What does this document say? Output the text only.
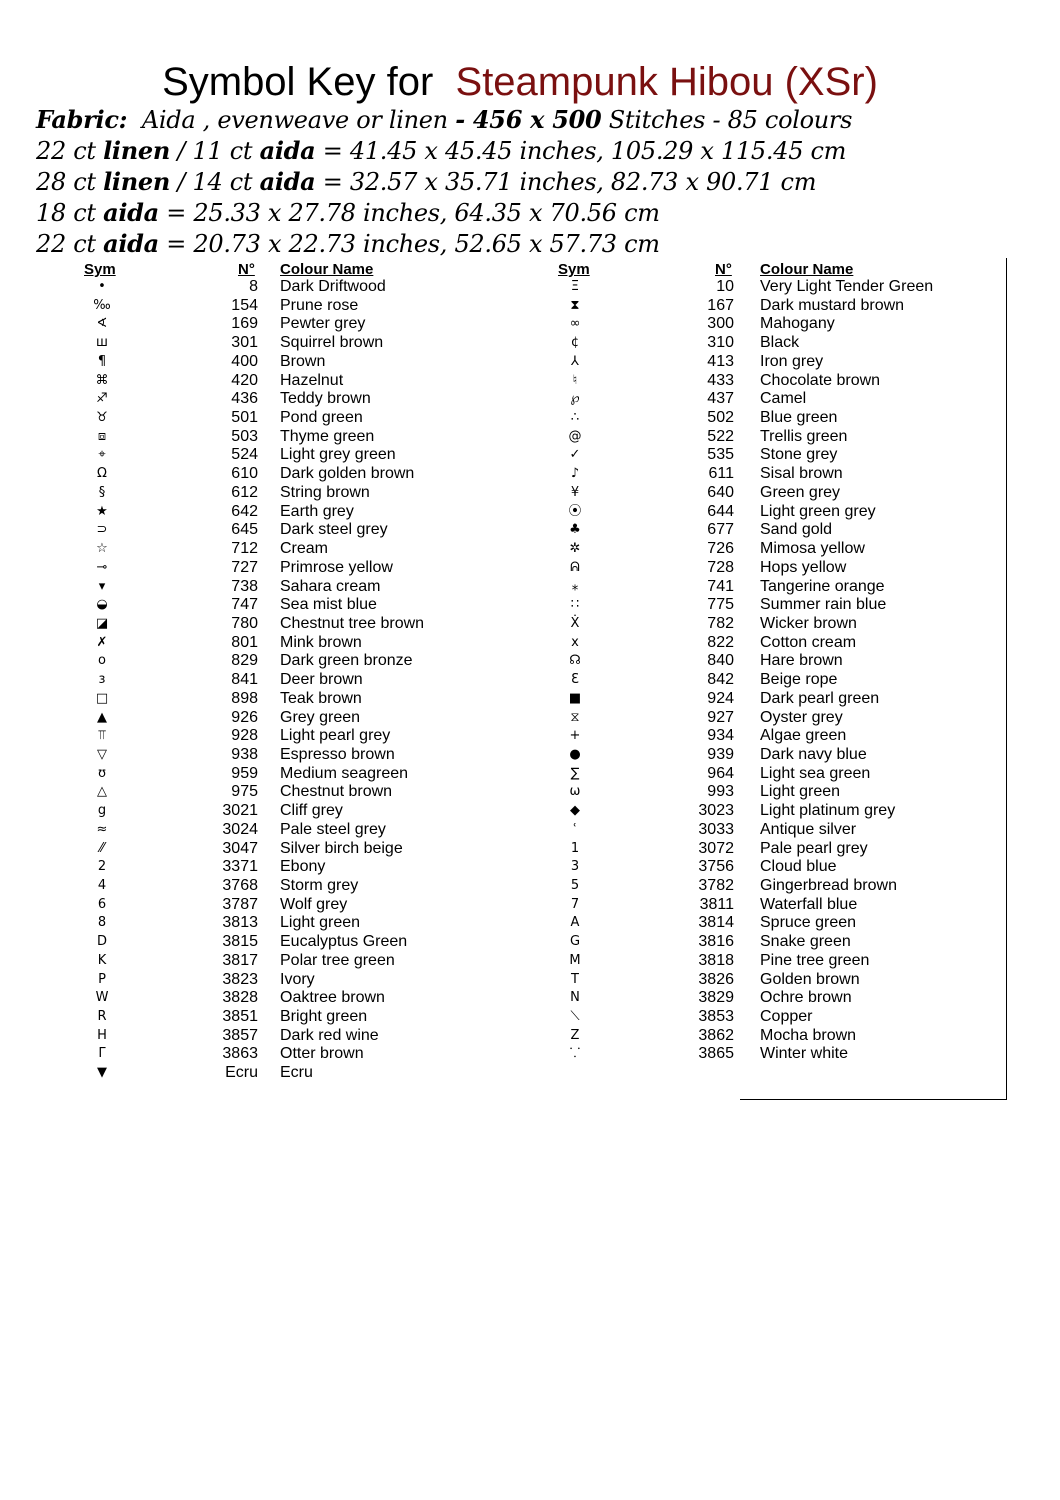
Symbol Key for Steampunk Hibou (XSr)
Fabric: Aida , evenweave or linen - 456 x 500 Stitches - 85 colours
22 ct linen / 11 ct aida = 41.45 x 45.45 inches, 105.29 x 115.45 cm
28 ct linen / 14 ct aida = 32.57 x 35.71 inches, 82.73 x 90.71 cm
18 ct aida = 25.33 x 27.78 inches, 64.35 x 70.56 cm
22 ct aida = 20.73 x 22.73 inches, 52.65 x 57.73 cm
Sym	N° Colour Name	Sym	N° Colour Name
•	8 Dark Driftwood
‰	154 Prune rose
∢	169 Pewter grey
ш	301 Squirrel brown
¶	400 Brown
⌘	420 Hazelnut
♐	436 Teddy brown
♉	501 Pond green
⧈	503 Thyme green
⌖	524 Light grey green
Ω	610 Dark golden brown
§	612 String brown
★	642 Earth grey
⊃	645 Dark steel grey
☆	712 Cream
⊸	727 Primrose yellow
▾	738 Sahara cream
◒	747 Sea mist blue
◪	780 Chestnut tree brown
✗	801 Mink brown
o	829 Dark green bronze
ɜ	841 Deer brown
□	898 Teak brown
▲	926 Grey green
⫪	928 Light pearl grey
▽	938 Espresso brown
ʊ	959 Medium seagreen
△	975 Chestnut brown
g	3021 Cliff grey
≈	3024 Pale steel grey
⁄⁄	3047 Silver birch beige
2	3371 Ebony
4	3768 Storm grey
6	3787 Wolf grey
8	3813 Light green
D	3815 Eucalyptus Green
K	3817 Polar tree green
P	3823 Ivory
W	3828 Oaktree brown
R	3851 Bright green
H	3857 Dark red wine
Γ	3863 Otter brown
▼	Ecru Ecru
Ξ	10 Very Light Tender Green
⧗	167 Dark mustard brown
∞	300 Mahogany
¢	310 Black
⅄	413 Iron grey
♮	433 Chocolate brown
℘	437 Camel
∴	502 Blue green
@	522 Trellis green
✓	535 Stone grey
♪	611 Sisal brown
¥	640 Green grey
⦿	644 Light green grey
♣	677 Sand gold
✲	726 Mimosa yellow
ᕱ	728 Hops yellow
⁎	741 Tangerine orange
∷	775 Summer rain blue
Ẋ	782 Wicker brown
x	822 Cotton cream
☊	840 Hare brown
Ɛ	842 Beige rope
■	924 Dark pearl green
⧖	927 Oyster grey
+	934 Algae green
●	939 Dark navy blue
∑	964 Light sea green
ω	993 Light green
◆	3023 Light platinum grey
ʿ	3033 Antique silver
1	3072 Pale pearl grey
3	3756 Cloud blue
5	3782 Gingerbread brown
7	3811 Waterfall blue
A	3814 Spruce green
G	3816 Snake green
M	3818 Pine tree green
T	3826 Golden brown
N	3829 Ochre brown
⟍	3853 Copper
Z	3862 Mocha brown
⸪	3865 Winter white
